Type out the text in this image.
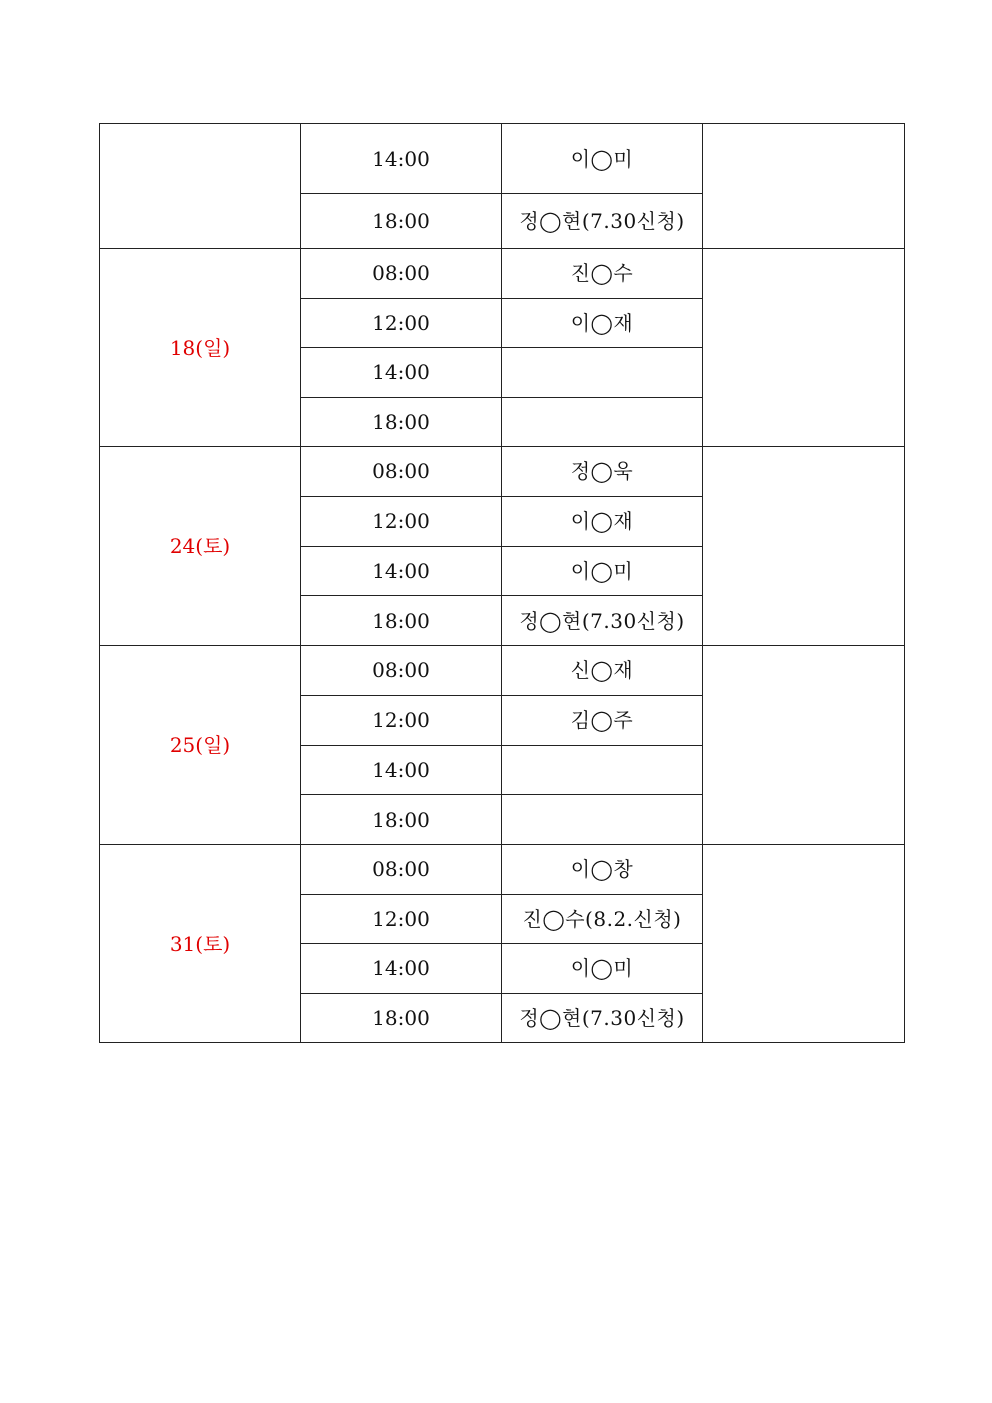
	14:00	이◯미	
	18:00	정◯현(7.30신청)	
18(일)	08:00	진◯수	
	12:00	이◯재	
	14:00		
	18:00		
24(토)	08:00	정◯욱	
	12:00	이◯재	
	14:00	이◯미	
	18:00	정◯현(7.30신청)	
25(일)	08:00	신◯재	
	12:00	김◯주	
	14:00		
	18:00		
31(토)	08:00	이◯창	
	12:00	진◯수(8.2.신청)	
	14:00	이◯미	
	18:00	정◯현(7.30신청)	
